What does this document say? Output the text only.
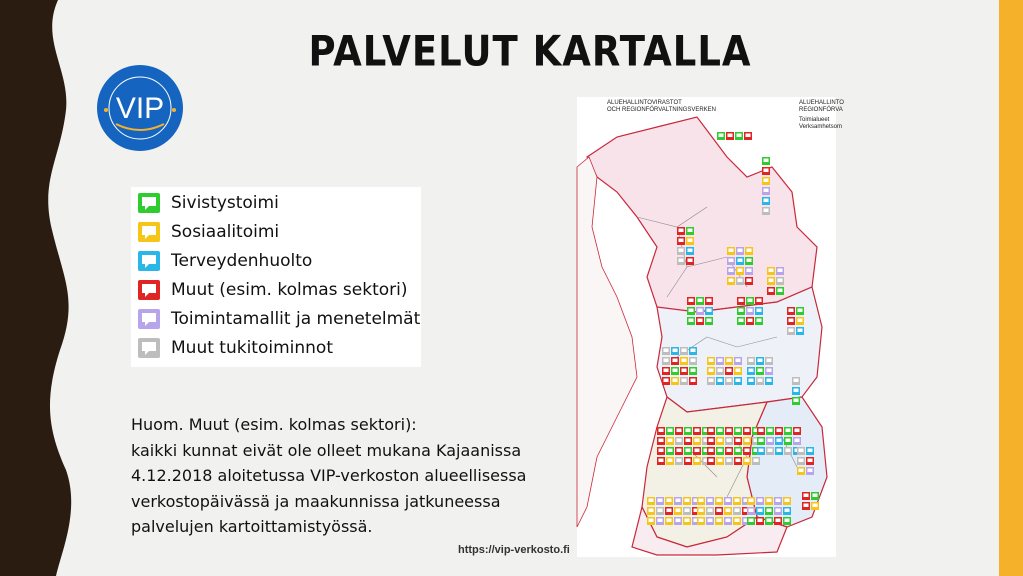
PALVELUT KARTALLA
VIP
Sivistystoimi
Sosiaalitoimi
Terveydenhuolto
Muut (esim. kolmas sektori)
Toimintamallit ja menetelmät
Muut tukitoiminnot
Huom. Muut (esim. kolmas sektori):
kaikki kunnat eivät ole olleet mukana Kajaanissa
4.12.2018 aloitetussa VIP-verkoston alueellisessa
verkostopäivässä ja maakunnissa jatkuneessa
palvelujen kartoittamistyössä.
https://vip-verkosto.fi
ALUEHALLINTOVIRASTOT
OCH REGIONFÖRVALTNINGSVERKEN
ALUEHALLINTO
REGIONFÖRVA
Toimialueet
Verksamhetsom
